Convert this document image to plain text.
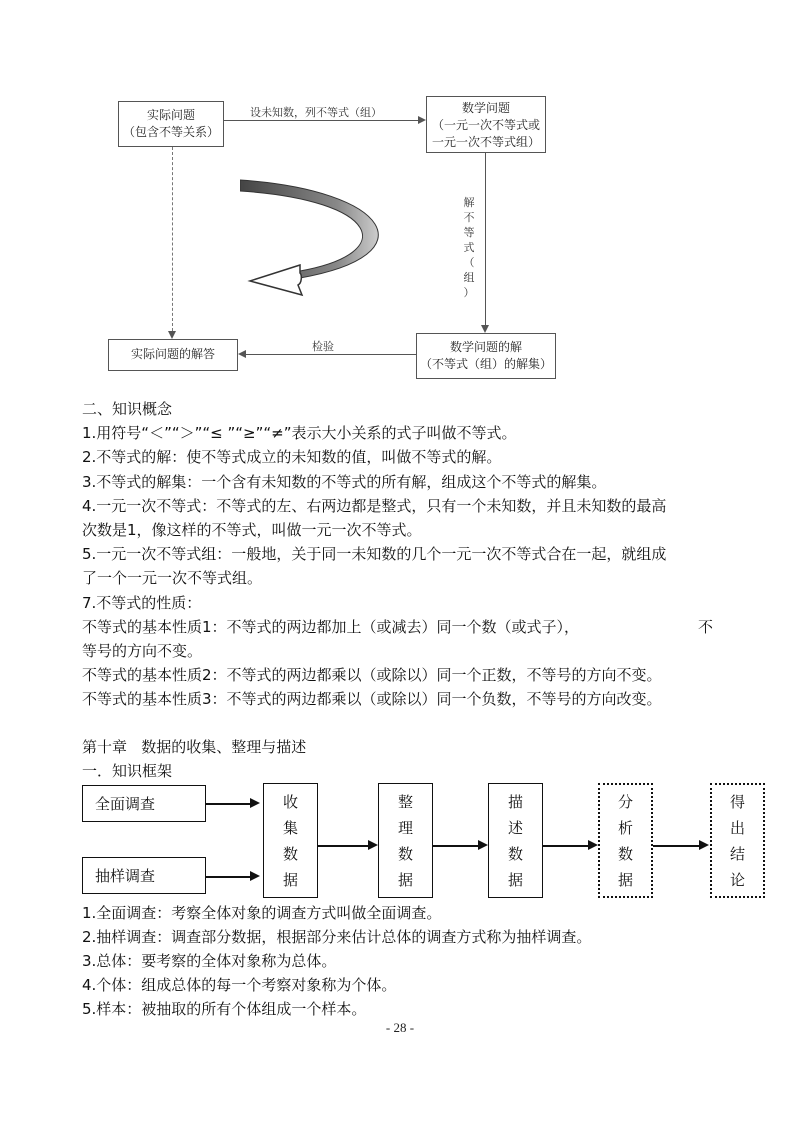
实际问题
（包含不等关系）
设未知数，列不等式（组）	数学问题
（一元一次不等式或
一元一次不等式组）
解
不
等
式
（
组
）
数学问题的解
（不等式（组）的解集）
检验
实际问题的解答
二、知识概念
1.用符号“＜”“＞”“≤ ”“≥”“≠”表示大小关系的式子叫做不等式。
2.不等式的解：使不等式成立的未知数的值，叫做不等式的解。
3.不等式的解集：一个含有未知数的不等式的所有解，组成这个不等式的解集。
4.一元一次不等式：不等式的左、右两边都是整式，只有一个未知数，并且未知数的最高
次数是1，像这样的不等式，叫做一元一次不等式。
5.一元一次不等式组：一般地，关于同一未知数的几个一元一次不等式合在一起，就组成
了一个一元一次不等式组。
7.不等式的性质：
不等式的基本性质1：不等式的两边都加上（或减去）同一个数（或式子），	不
等号的方向不变。
不等式的基本性质2：不等式的两边都乘以（或除以）同一个正数，不等号的方向不变。
不等式的基本性质3：不等式的两边都乘以（或除以）同一个负数，不等号的方向改变。
第十章   数据的收集、整理与描述
一．知识框架
全面调查
抽样调查
收
集
数
据
整
理
数
据
描
述
数
据
分
析
数
据
得
出
结
论
1.全面调查：考察全体对象的调查方式叫做全面调查。
2.抽样调查：调查部分数据，根据部分来估计总体的调查方式称为抽样调查。
3.总体：要考察的全体对象称为总体。
4.个体：组成总体的每一个考察对象称为个体。
5.样本：被抽取的所有个体组成一个样本。
- 28 -
